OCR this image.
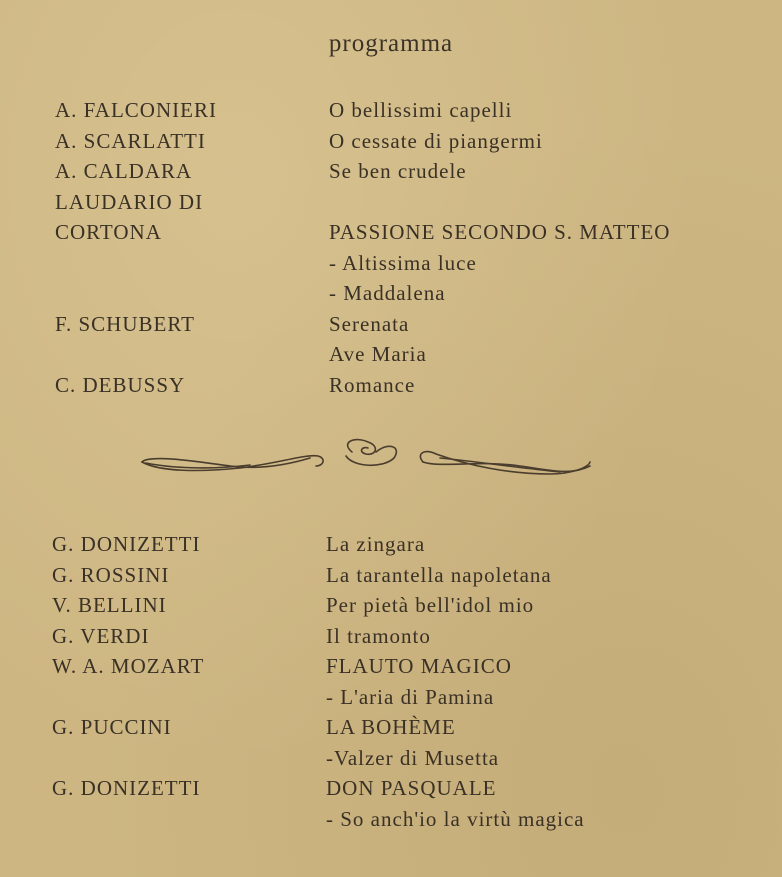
programma
A. FALCONIERI	O bellissimi capelli
A. SCARLATTI	O cessate di piangermi
A. CALDARA	Se ben crudele
LAUDARIO DI
CORTONA	PASSIONE SECONDO S. MATTEO
- Altissima luce
- Maddalena
F. SCHUBERT	Serenata
Ave Maria
C. DEBUSSY	Romance
G. DONIZETTI	La zingara
G. ROSSINI	La tarantella napoletana
V. BELLINI	Per pietà bell'idol mio
G. VERDI	Il tramonto
W. A. MOZART	FLAUTO MAGICO
- L'aria di Pamina
G. PUCCINI	LA BOHÈME
-Valzer di Musetta
G. DONIZETTI	DON PASQUALE
- So anch'io la virtù magica
